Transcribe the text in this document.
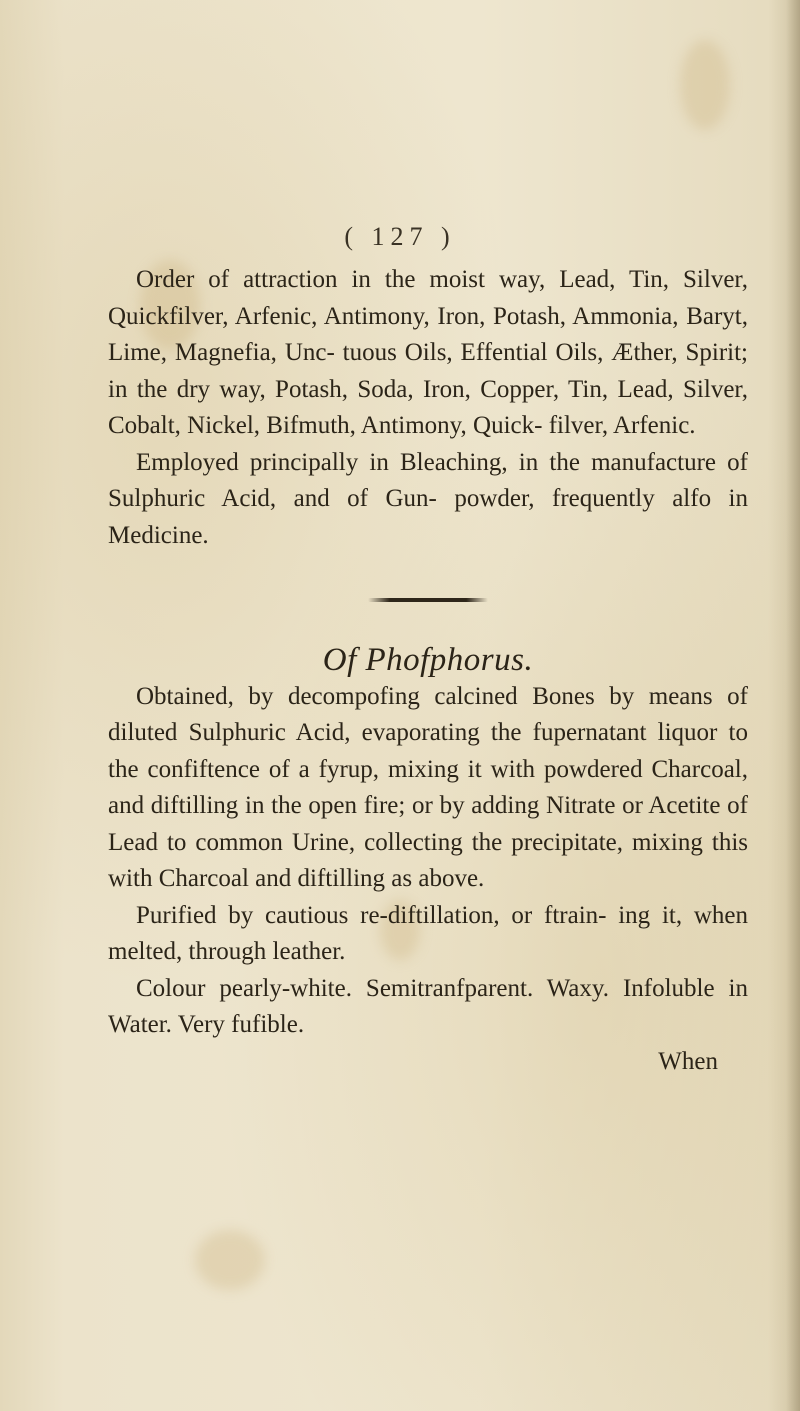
( 127 )

Order of attraction in the moist way, Lead, Tin, Silver, Quickfilver, Arfenic, Antimony, Iron, Potash, Ammonia, Baryt, Lime, Magnefia, Unc- tuous Oils, Effential Oils, Æther, Spirit; in the dry way, Potash, Soda, Iron, Copper, Tin, Lead, Silver, Cobalt, Nickel, Bifmuth, Antimony, Quick- filver, Arfenic.

Employed principally in Bleaching, in the manufacture of Sulphuric Acid, and of Gun- powder, frequently alfo in Medicine.

Of Phofphorus.

Obtained, by decompofing calcined Bones by means of diluted Sulphuric Acid, evaporating the fupernatant liquor to the confiftence of a fyrup, mixing it with powdered Charcoal, and diftilling in the open fire; or by adding Nitrate or Acetite of Lead to common Urine, collecting the precipitate, mixing this with Charcoal and diftilling as above.

Purified by cautious re-diftillation, or ftrain- ing it, when melted, through leather.

Colour pearly-white. Semitranfparent. Waxy. Infoluble in Water. Very fufible.

When
